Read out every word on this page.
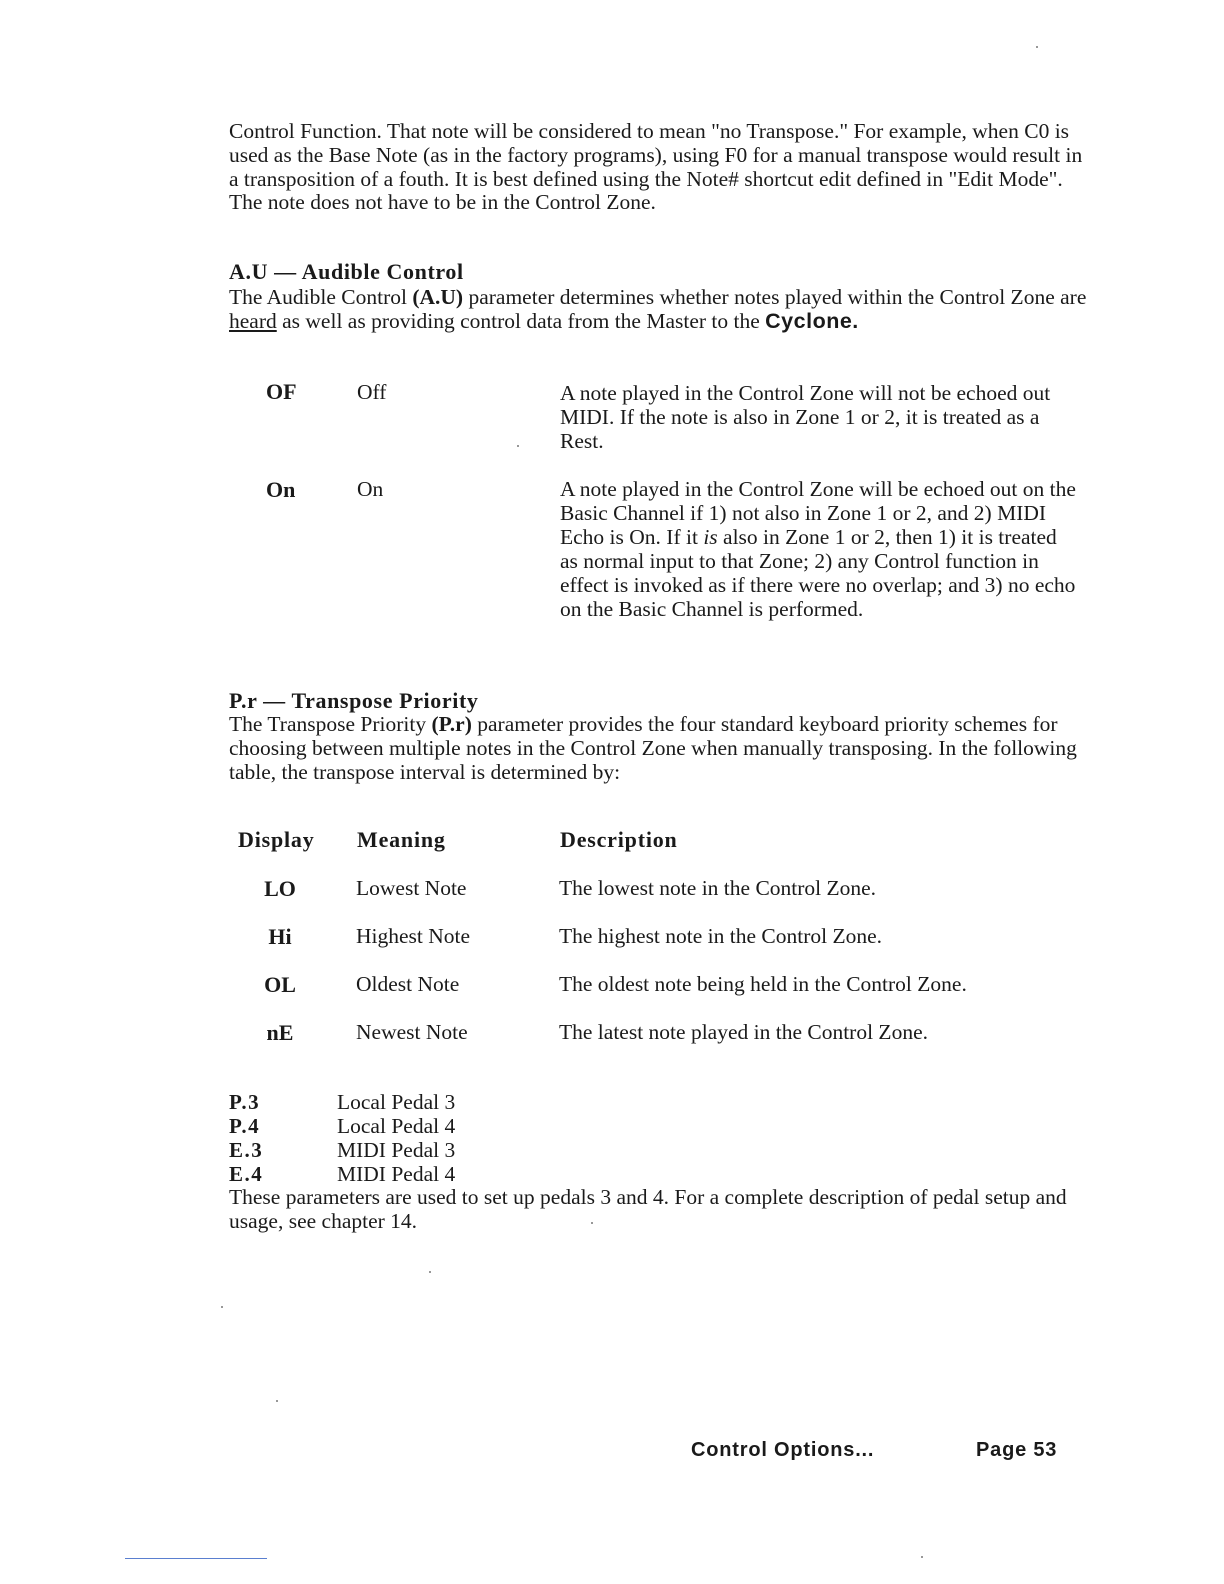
Control Function. That note will be considered to mean "no Transpose." For example, when C0 is used as the Base Note (as in the factory programs), using F0 for a manual transpose would result in a transposition of a fouth. It is best defined using the Note# shortcut edit defined in "Edit Mode". The note does not have to be in the Control Zone.

A.U — Audible Control

The Audible Control (A.U) parameter determines whether notes played within the Control Zone are heard as well as providing control data from the Master to the Cyclone.

OF	Off	A note played in the Control Zone will not be echoed out MIDI. If the note is also in Zone 1 or 2, it is treated as a Rest.

On	On	A note played in the Control Zone will be echoed out on the Basic Channel if 1) not also in Zone 1 or 2, and 2) MIDI Echo is On. If it is also in Zone 1 or 2, then 1) it is treated as normal input to that Zone; 2) any Control function in effect is invoked as if there were no overlap; and 3) no echo on the Basic Channel is performed.

P.r — Transpose Priority

The Transpose Priority (P.r) parameter provides the four standard keyboard priority schemes for choosing between multiple notes in the Control Zone when manually transposing. In the following table, the transpose interval is determined by:

Display Meaning	Description
LO	Lowest Note	The lowest note in the Control Zone.
Hi	Highest Note	The highest note in the Control Zone.
OL	Oldest Note	The oldest note being held in the Control Zone.
nE	Newest Note	The latest note played in the Control Zone.
P.3	Local Pedal 3
P.4	Local Pedal 4
E.3	MIDI Pedal 3
E.4	MIDI Pedal 4

These parameters are used to set up pedals 3 and 4. For a complete description of pedal setup and usage, see chapter 14.

Control Options...	Page 53
